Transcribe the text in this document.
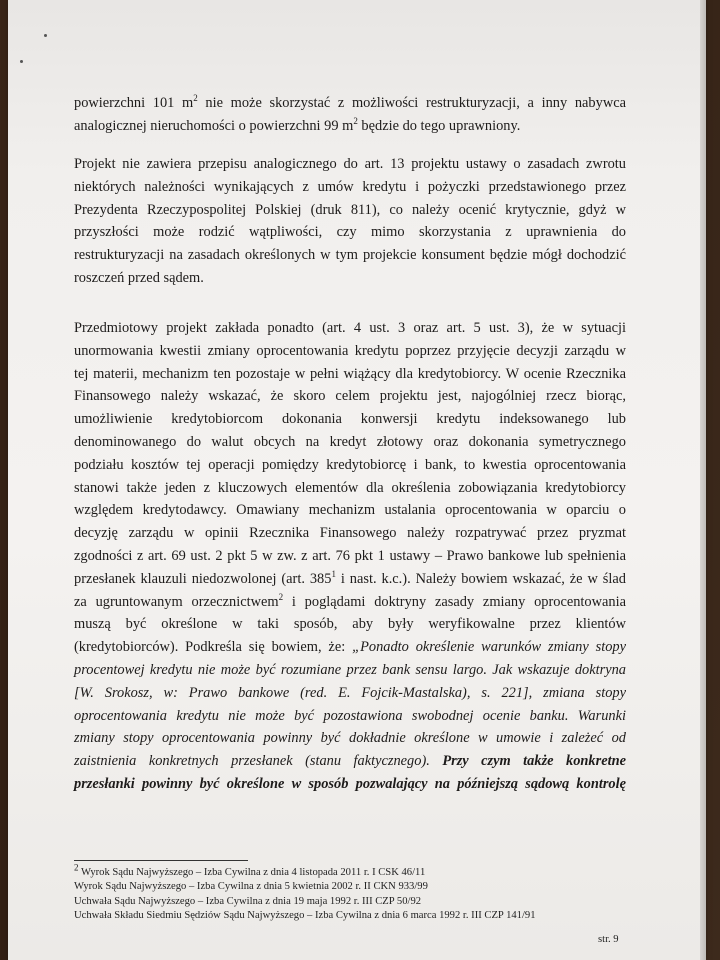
powierzchni 101 $m^2$ nie może skorzystać z możliwości restrukturyzacji, a inny nabywca
analogicznej nieruchomości o powierzchni 99 $m^2$ będzie do tego uprawniony.
Projekt nie zawiera przepisu analogicznego do art. 13 projektu ustawy o zasadach zwrotu
niektórych należności wynikających z umów kredytu i pożyczki przedstawionego przez
Prezydenta Rzeczypospolitej Polskiej (druk 811), co należy ocenić krytycznie, gdyż w
przyszłości może rodzić wątpliwości, czy mimo skorzystania z uprawnienia do
restrukturyzacji na zasadach określonych w tym projekcie konsument będzie mógł dochodzić
roszczeń przed sądem.
Przedmiotowy projekt zakłada ponadto (art. 4 ust. 3 oraz art. 5 ust. 3), że w sytuacji
unormowania kwestii zmiany oprocentowania kredytu poprzez przyjęcie decyzji zarządu w
tej materii, mechanizm ten pozostaje w pełni wiążący dla kredytobiorcy. W ocenie Rzecznika
Finansowego należy wskazać, że skoro celem projektu jest, najogólniej rzecz biorąc,
umożliwienie kredytobiorcom dokonania konwersji kredytu indeksowanego lub
denominowanego do walut obcych na kredyt złotowy oraz dokonania symetrycznego
podziału kosztów tej operacji pomiędzy kredytobiorcę i bank, to kwestia oprocentowania
stanowi także jeden z kluczowych elementów dla określenia zobowiązania kredytobiorcy
względem kredytodawcy. Omawiany mechanizm ustalania oprocentowania w oparciu o
decyzję zarządu w opinii Rzecznika Finansowego należy rozpatrywać przez pryzmat
zgodności z art. 69 ust. 2 pkt 5 w zw. z art. 76 pkt 1 ustawy – Prawo bankowe lub spełnienia
przesłanek klauzuli niedozwolonej (art. $385^1$ i nast. k.c.). Należy bowiem wskazać, że w ślad
za ugruntowanym orzecznictwem$^2$ i poglądami doktryny zasady zmiany oprocentowania
muszą być określone w taki sposób, aby były weryfikowalne przez klientów
(kredytobiorców). Podkreśla się bowiem, że: „Ponadto określenie warunków zmiany stopy
procentowej kredytu nie może być rozumiane przez bank sensu largo. Jak wskazuje doktryna
[W. Srokosz, w: Prawo bankowe (red. E. Fojcik-Mastalska), s. 221], zmiana stopy
oprocentowania kredytu nie może być pozostawiona swobodnej ocenie banku. Warunki
zmiany stopy oprocentowania powinny być dokładnie określone w umowie i zależeć od
zaistnienia konkretnych przesłanek (stanu faktycznego). Przy czym także konkretne
przesłanki powinny być określone w sposób pozwalający na późniejszą sądową kontrolę
$^2$ Wyrok Sądu Najwyższego – Izba Cywilna z dnia 4 listopada 2011 r. I CSK 46/11
Wyrok Sądu Najwyższego – Izba Cywilna z dnia 5 kwietnia 2002 r. II CKN 933/99
Uchwała Sądu Najwyższego – Izba Cywilna z dnia 19 maja 1992 r. III CZP 50/92
Uchwała Składu Siedmiu Sędziów Sądu Najwyższego – Izba Cywilna z dnia 6 marca 1992 r. III CZP 141/91
str. 9
